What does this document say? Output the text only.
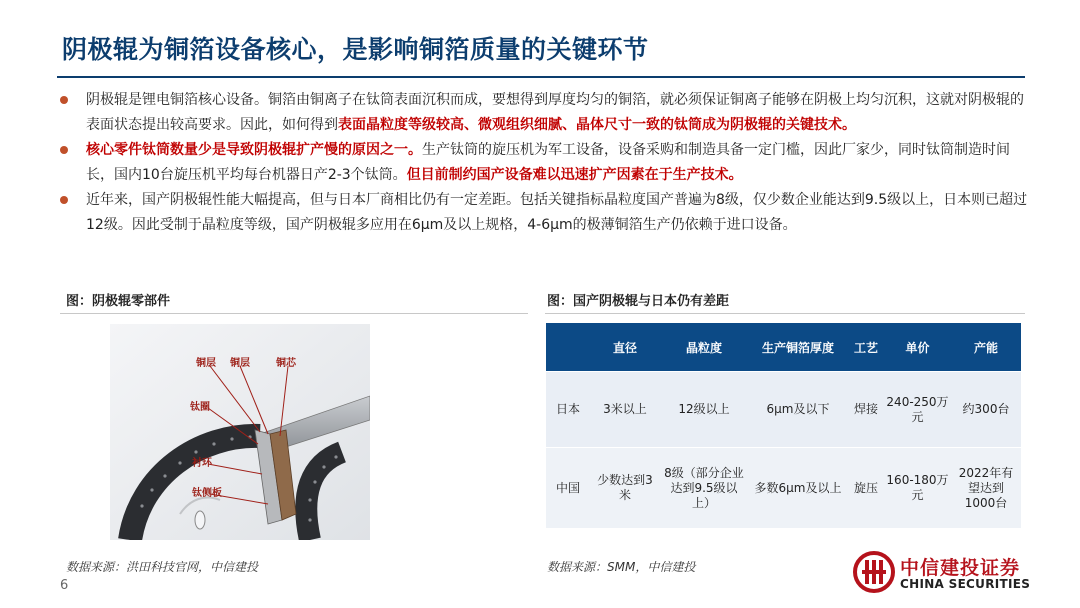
阴极辊为铜箔设备核心，是影响铜箔质量的关键环节
阴极辊是锂电铜箔核心设备。铜箔由铜离子在钛筒表面沉积而成，要想得到厚度均匀的铜箔，就必须保证铜离子能够在阴极上均匀沉积，这就对阴极辊的表面状态提出较高要求。因此，如何得到表面晶粒度等级较高、微观组织细腻、晶体尺寸一致的钛筒成为阴极辊的关键技术。
核心零件钛筒数量少是导致阴极辊扩产慢的原因之一。生产钛筒的旋压机为军工设备，设备采购和制造具备一定门槛，因此厂家少，同时钛筒制造时间长，国内10台旋压机平均每台机器日产2-3个钛筒。但目前制约国产设备难以迅速扩产因素在于生产技术。
近年来，国产阴极辊性能大幅提高，但与日本厂商相比仍有一定差距。包括关键指标晶粒度国产普遍为8级，仅少数企业能达到9.5级以上，日本则已超过12级。因此受制于晶粒度等级，国产阴极辊多应用在6μm及以上规格，4-6μm的极薄铜箔生产仍依赖于进口设备。
图：阴极辊零部件
铜层 铜层	铜芯
钛圈
衬环
钛侧板
数据来源：洪田科技官网，中信建投
6
图：国产阴极辊与日本仍有差距
	直径	晶粒度	生产铜箔厚度	工艺	单价	产能
日本	3米以上	12级以上	6μm及以下	焊接	240-250万元	约300台
中国	少数达到3米	8级（部分企业达到9.5级以上）	多数6μm及以上	旋压	160-180万元	2022年有望达到1000台
数据来源：SMM，中信建投	中信建投证券
CHINA SECURITIES
